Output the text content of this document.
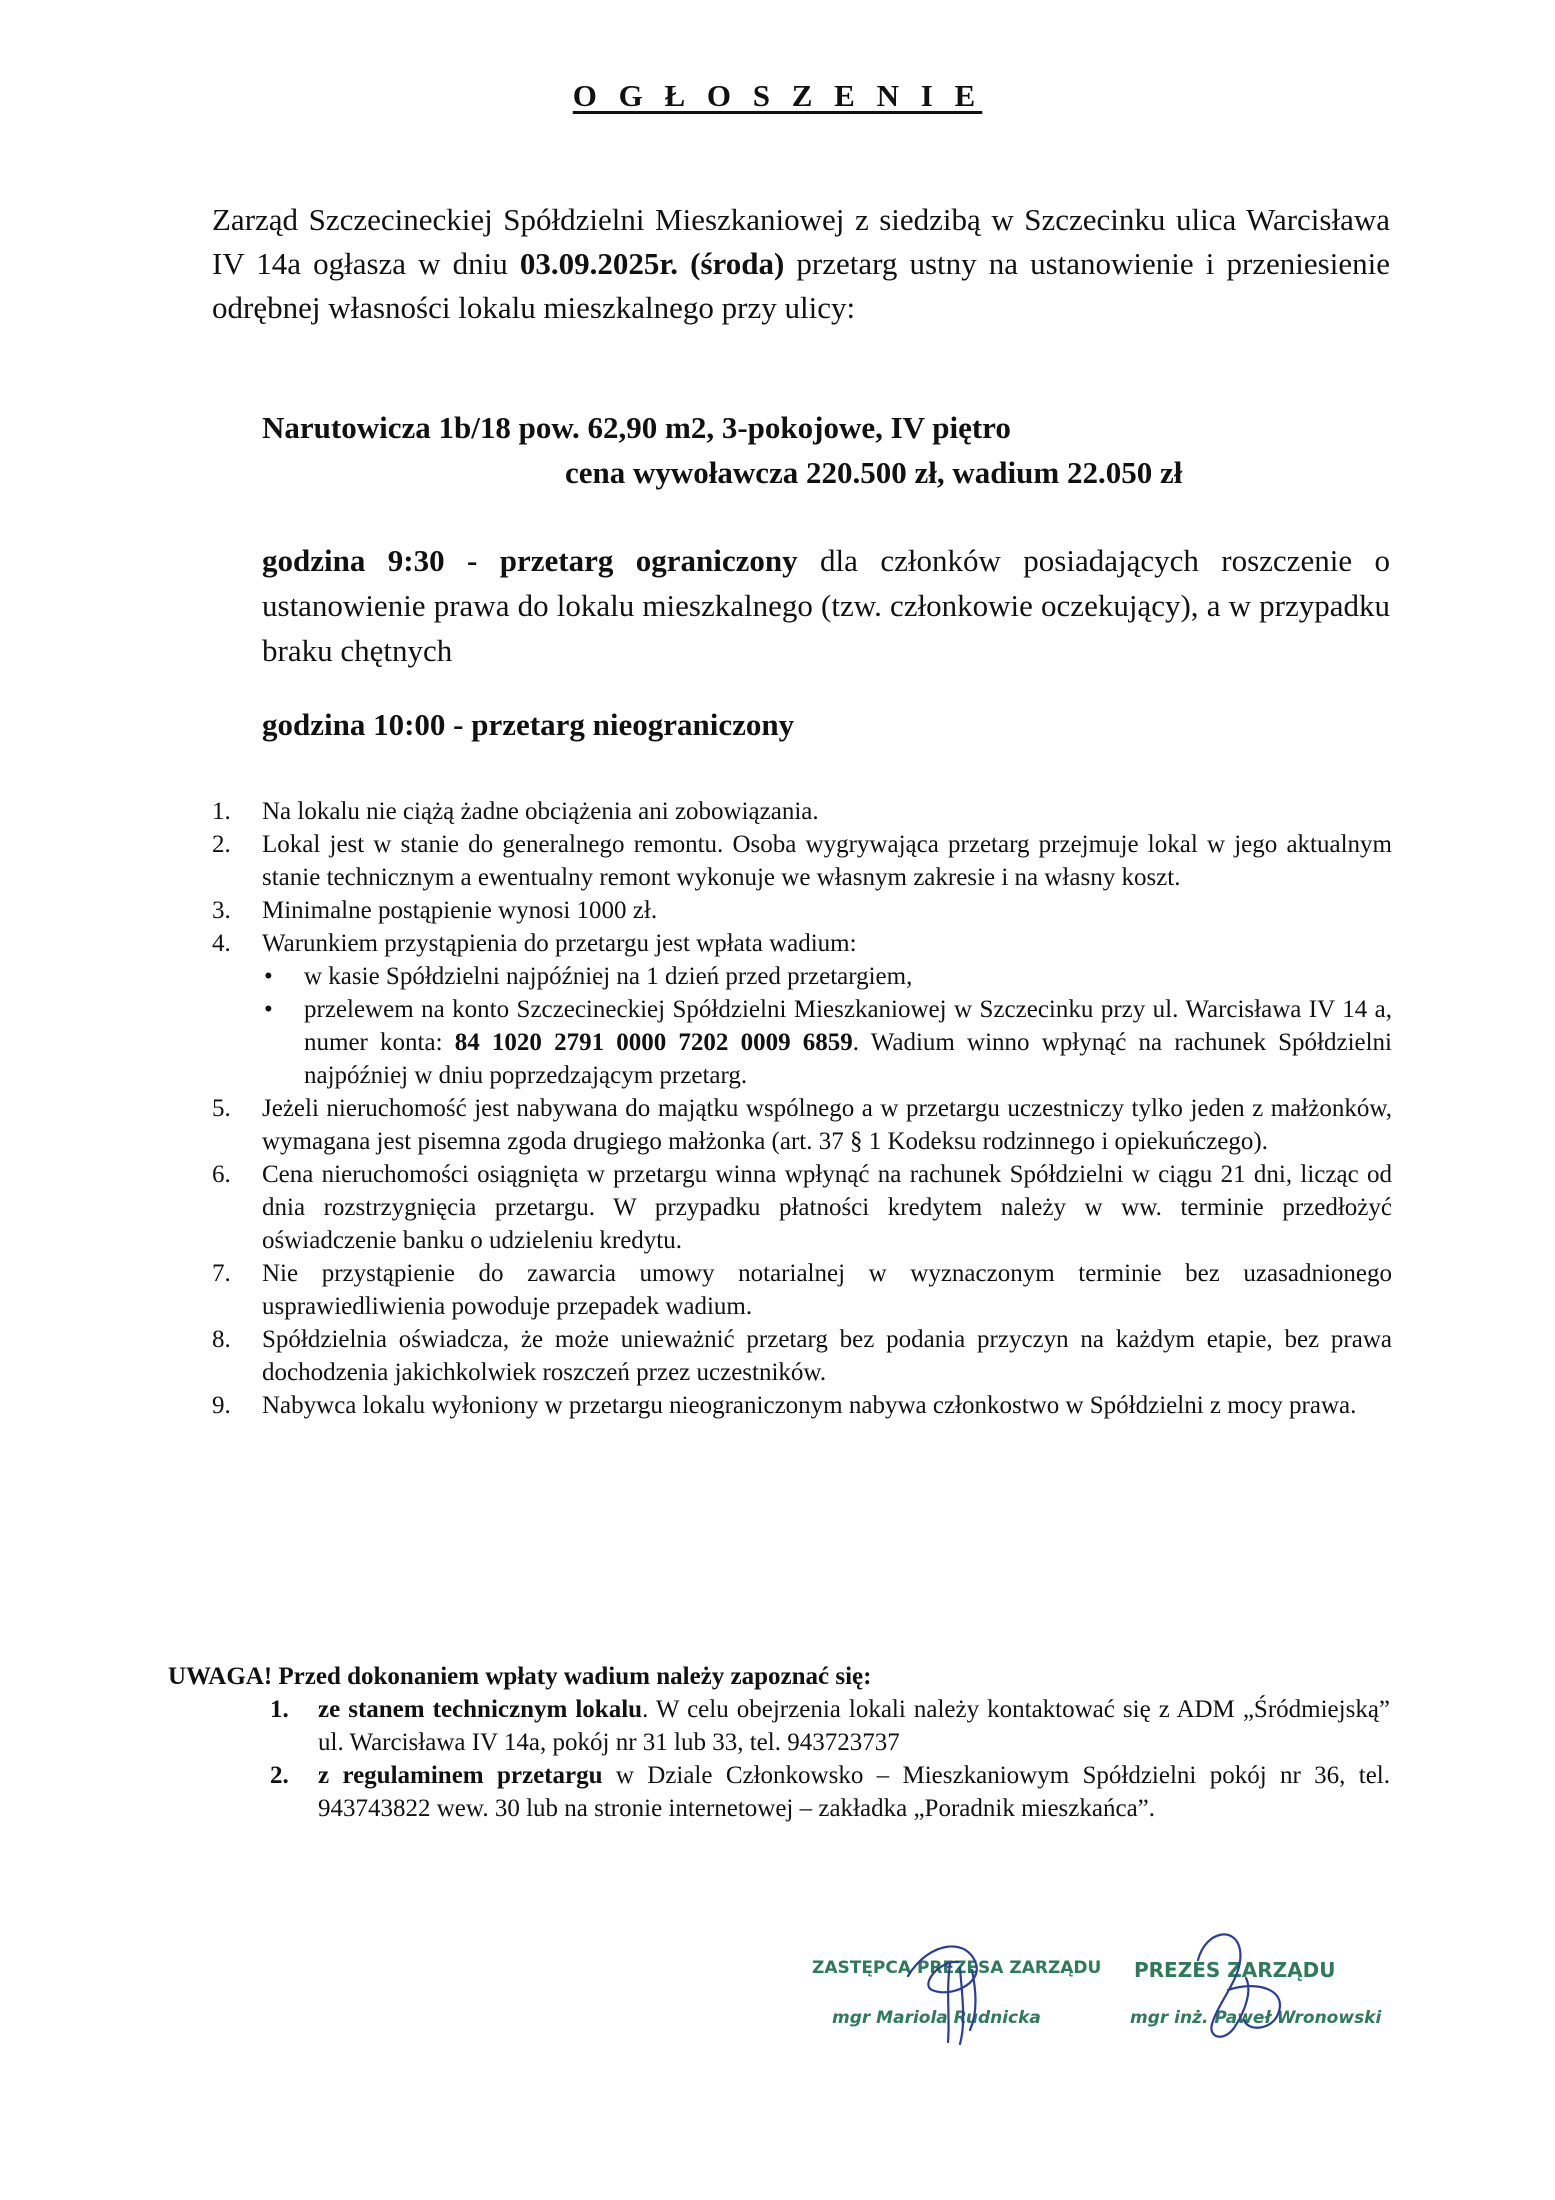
O G Ł O S Z E N I E
Zarząd Szczecineckiej Spółdzielni Mieszkaniowej z siedzibą w Szczecinku ulica Warcisława IV 14a ogłasza w dniu 03.09.2025r. (środa) przetarg ustny na ustanowienie i przeniesienie odrębnej własności lokalu mieszkalnego przy ulicy:
Narutowicza 1b/18 pow. 62,90 m2, 3-pokojowe, IV piętro
cena wywoławcza 220.500 zł, wadium 22.050 zł
godzina 9:30 - przetarg ograniczony dla członków posiadających roszczenie o ustanowienie prawa do lokalu mieszkalnego (tzw. członkowie oczekujący), a w przypadku braku chętnych
godzina 10:00 - przetarg nieograniczony
1.	Na lokalu nie ciążą żadne obciążenia ani zobowiązania.
2.	Lokal jest w stanie do generalnego remontu. Osoba wygrywająca przetarg przejmuje lokal w jego aktualnym stanie technicznym a ewentualny remont wykonuje we własnym zakresie i na własny koszt.
3.	Minimalne postąpienie wynosi 1000 zł.
4.	Warunkiem przystąpienia do przetargu jest wpłata wadium:
•	w kasie Spółdzielni najpóźniej na 1 dzień przed przetargiem,
•	przelewem na konto Szczecineckiej Spółdzielni Mieszkaniowej w Szczecinku przy ul. Warcisława IV 14 a, numer konta: 84 1020 2791 0000 7202 0009 6859. Wadium winno wpłynąć na rachunek Spółdzielni najpóźniej w dniu poprzedzającym przetarg.
5.	Jeżeli nieruchomość jest nabywana do majątku wspólnego a w przetargu uczestniczy tylko jeden z małżonków, wymagana jest pisemna zgoda drugiego małżonka (art. 37 § 1 Kodeksu rodzinnego i opiekuńczego).
6.	Cena nieruchomości osiągnięta w przetargu winna wpłynąć na rachunek Spółdzielni w ciągu 21 dni, licząc od dnia rozstrzygnięcia przetargu. W przypadku płatności kredytem należy w ww. terminie przedłożyć oświadczenie banku o udzieleniu kredytu.
7.	Nie przystąpienie do zawarcia umowy notarialnej w wyznaczonym terminie bez uzasadnionego usprawiedliwienia powoduje przepadek wadium.
8.	Spółdzielnia oświadcza, że może unieważnić przetarg bez podania przyczyn na każdym etapie, bez prawa dochodzenia jakichkolwiek roszczeń przez uczestników.
9.	Nabywca lokalu wyłoniony w przetargu nieograniczonym nabywa członkostwo w Spółdzielni z mocy prawa.
UWAGA! Przed dokonaniem wpłaty wadium należy zapoznać się:
1.	ze stanem technicznym lokalu. W celu obejrzenia lokali należy kontaktować się z ADM „Śródmiejską” ul. Warcisława IV 14a, pokój nr 31 lub 33, tel. 943723737
2.	z regulaminem przetargu w Dziale Członkowsko – Mieszkaniowym Spółdzielni pokój nr 36, tel. 943743822 wew. 30 lub na stronie internetowej – zakładka „Poradnik mieszkańca”.
ZASTĘPCA PREZESA ZARZĄDU
mgr Mariola Rudnicka
PREZES ZARZĄDU
mgr inż. Paweł Wronowski
